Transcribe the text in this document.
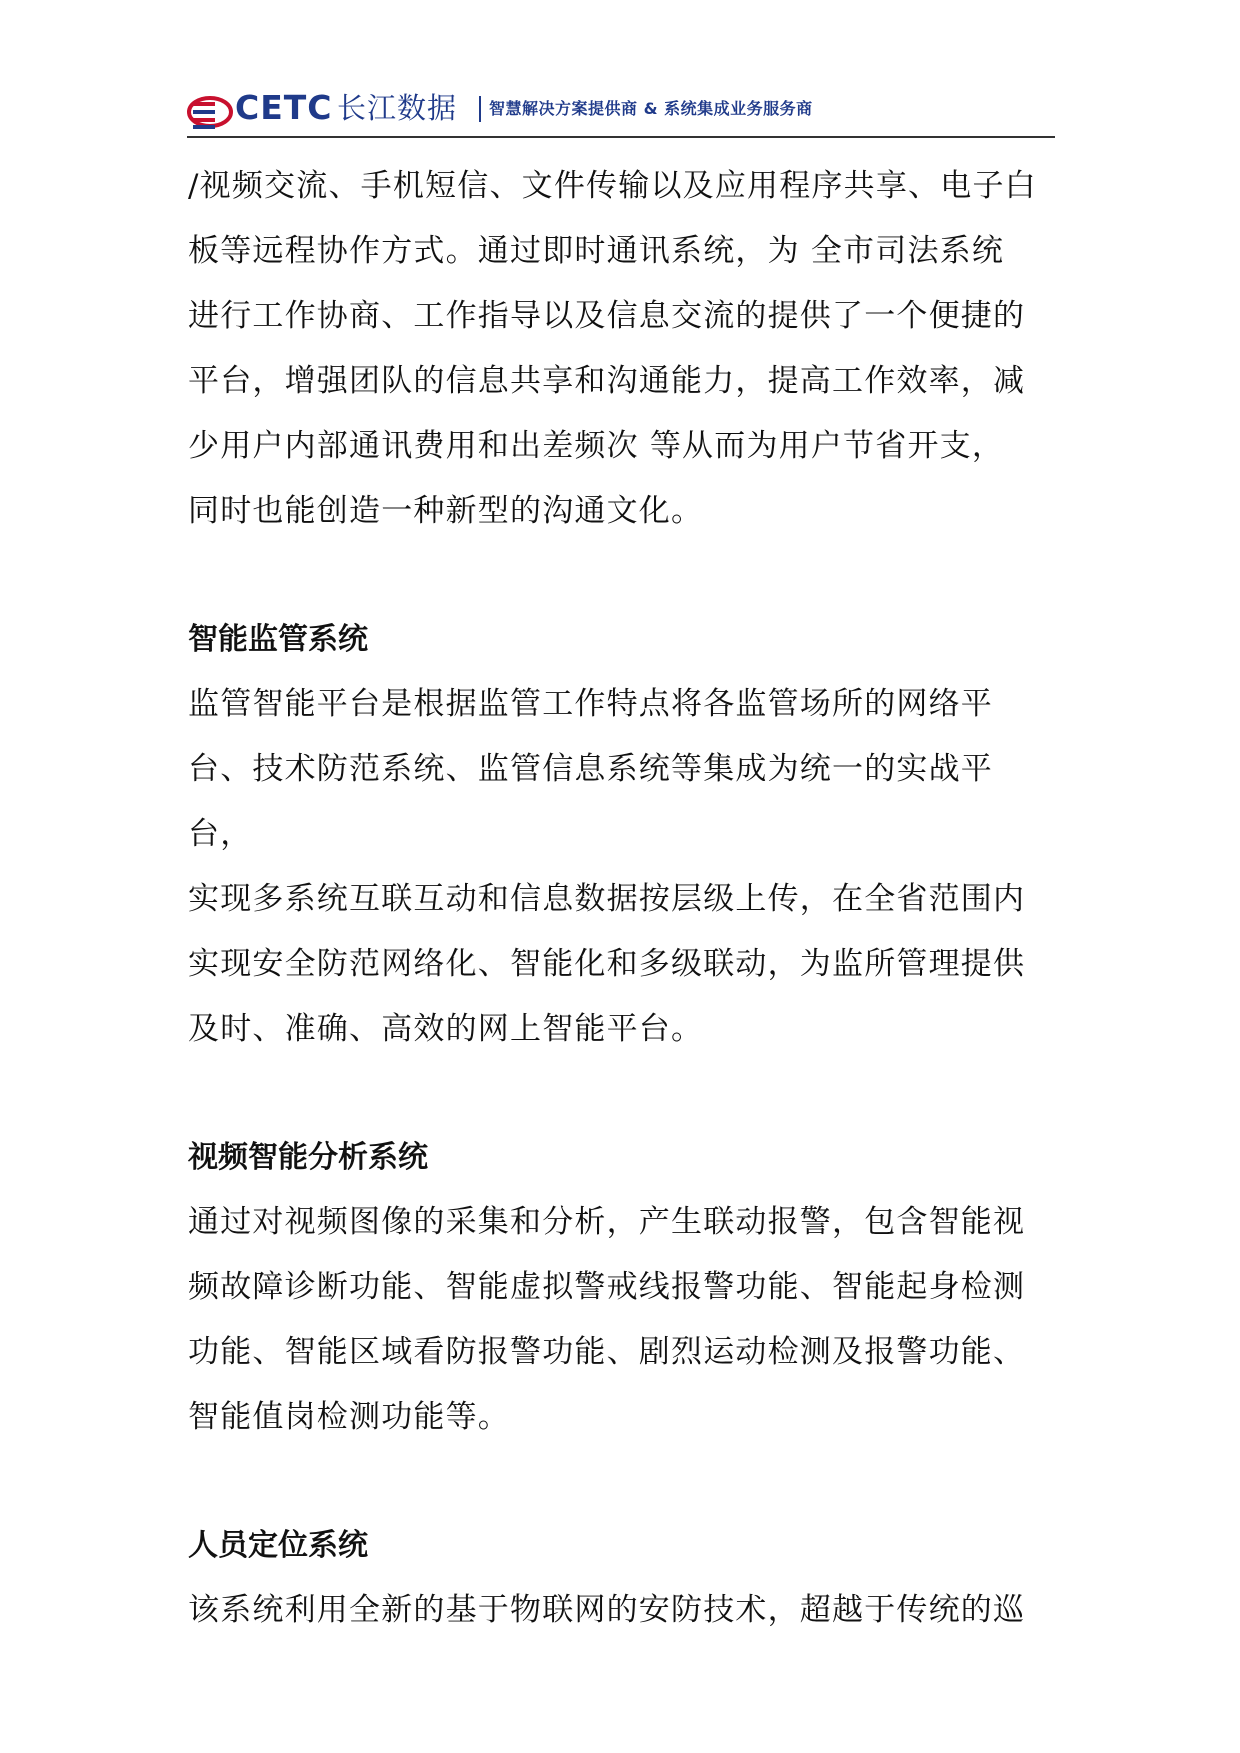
CETC 长江数据 智慧解决方案提供商 & 系统集成业务服务商

/视频交流、手机短信、文件传输以及应用程序共享、电子白

板等远程协作方式。通过即时通讯系统，为 全市司法系统

进行工作协商、工作指导以及信息交流的提供了一个便捷的

平台，增强团队的信息共享和沟通能力，提高工作效率，减

少用户内部通讯费用和出差频次 等从而为用户节省开支，

同时也能创造一种新型的沟通文化。

智能监管系统

监管智能平台是根据监管工作特点将各监管场所的网络平

台、技术防范系统、监管信息系统等集成为统一的实战平台，

实现多系统互联互动和信息数据按层级上传，在全省范围内

实现安全防范网络化、智能化和多级联动，为监所管理提供

及时、准确、高效的网上智能平台。

视频智能分析系统

通过对视频图像的采集和分析，产生联动报警，包含智能视

频故障诊断功能、智能虚拟警戒线报警功能、智能起身检测

功能、智能区域看防报警功能、剧烈运动检测及报警功能、

智能值岗检测功能等。

人员定位系统

该系统利用全新的基于物联网的安防技术，超越于传统的巡
